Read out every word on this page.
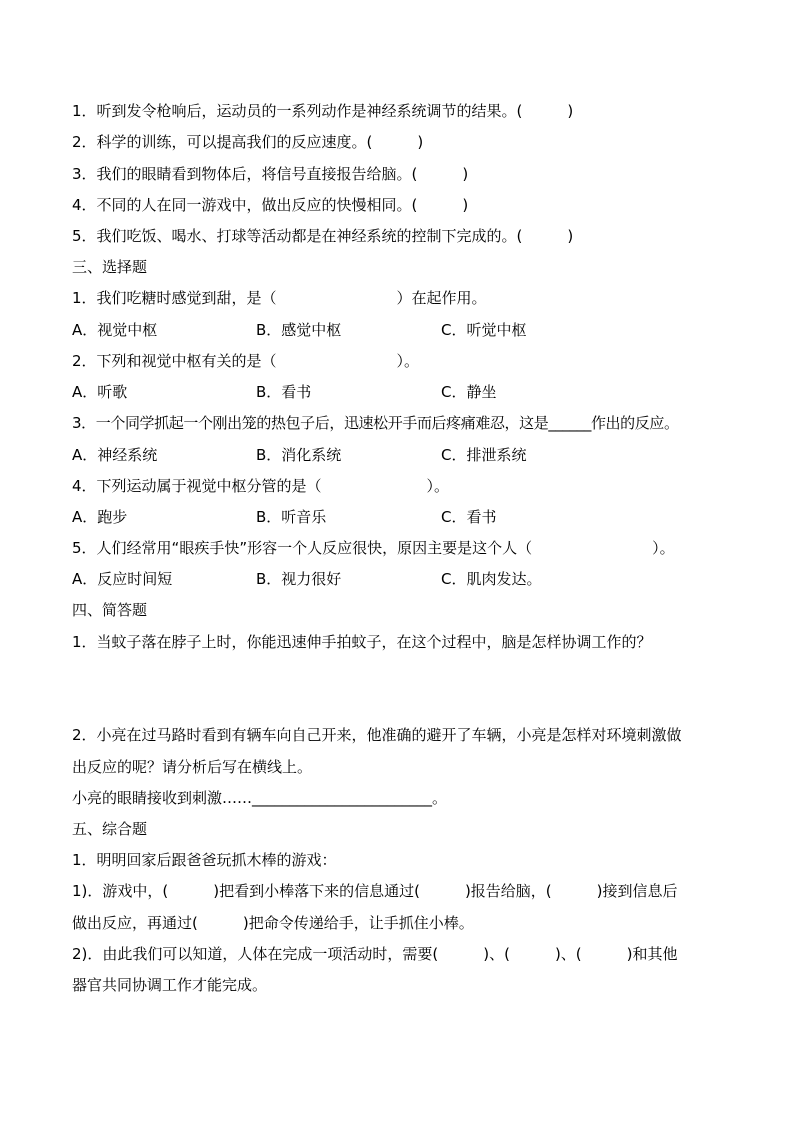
1．听到发令枪响后，运动员的一系列动作是神经系统调节的结果。(　　　)
2．科学的训练，可以提高我们的反应速度。(　　　)
3．我们的眼睛看到物体后，将信号直接报告给脑。(　　　)
4．不同的人在同一游戏中，做出反应的快慢相同。(　　　)
5．我们吃饭、喝水、打球等活动都是在神经系统的控制下完成的。(　　　)
三、选择题
1．我们吃糖时感觉到甜，是（　　　　　　　　）在起作用。
A．视觉中枢	B．感觉中枢	C．听觉中枢
2．下列和视觉中枢有关的是（　　　　　　　　）。
A．听歌	B．看书	C．静坐
3．一个同学抓起一个刚出笼的热包子后，迅速松开手而后疼痛难忍，这是______作出的反应。
A．神经系统	B．消化系统	C．排泄系统
4．下列运动属于视觉中枢分管的是（　　　　　　　）。
A．跑步	B．听音乐	C．看书
5．人们经常用“眼疾手快”形容一个人反应很快，原因主要是这个人（　　　　　　　　）。
A．反应时间短	B．视力很好	C．肌肉发达。
四、简答题
1．当蚊子落在脖子上时，你能迅速伸手拍蚊子，在这个过程中，脑是怎样协调工作的？
2．小亮在过马路时看到有辆车向自己开来，他准确的避开了车辆，小亮是怎样对环境刺激做
出反应的呢？请分析后写在横线上。
小亮的眼睛接收到刺激……________________________。
五、综合题
1．明明回家后跟爸爸玩抓木棒的游戏：
1)．游戏中，(　　　)把看到小棒落下来的信息通过(　　　)报告给脑，(　　　)接到信息后
做出反应，再通过(　　　)把命令传递给手，让手抓住小棒。
2)．由此我们可以知道，人体在完成一项活动时，需要(　　　)、(　　　)、(　　　)和其他
器官共同协调工作才能完成。
